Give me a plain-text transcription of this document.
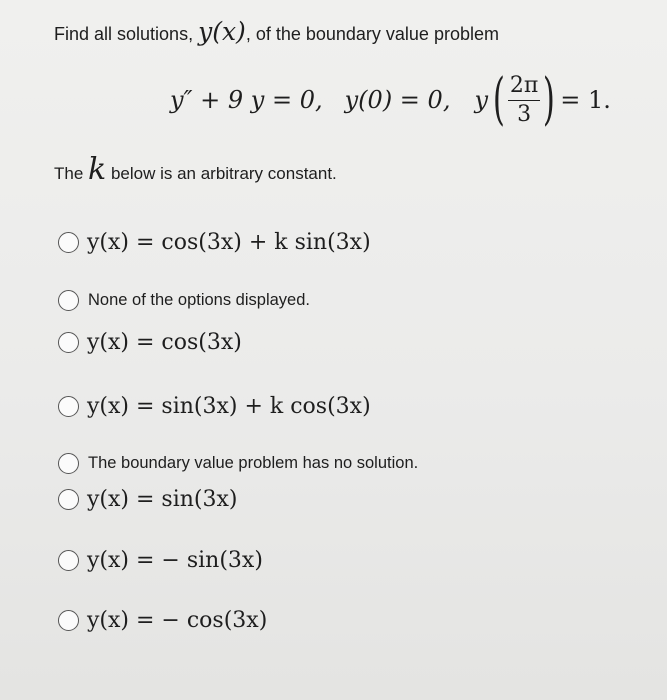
Find all solutions, y(x), of the boundary value problem
y″ + 9 y = 0, y(0) = 0, y ( $\frac{2\pi}{3}$ ) = 1.
The k below is an arbitrary constant.
y(x) = cos(3x) + k sin(3x)
None of the options displayed.
y(x) = cos(3x)
y(x) = sin(3x) + k cos(3x)
The boundary value problem has no solution.
y(x) = sin(3x)
y(x) = − sin(3x)
y(x) = − cos(3x)
